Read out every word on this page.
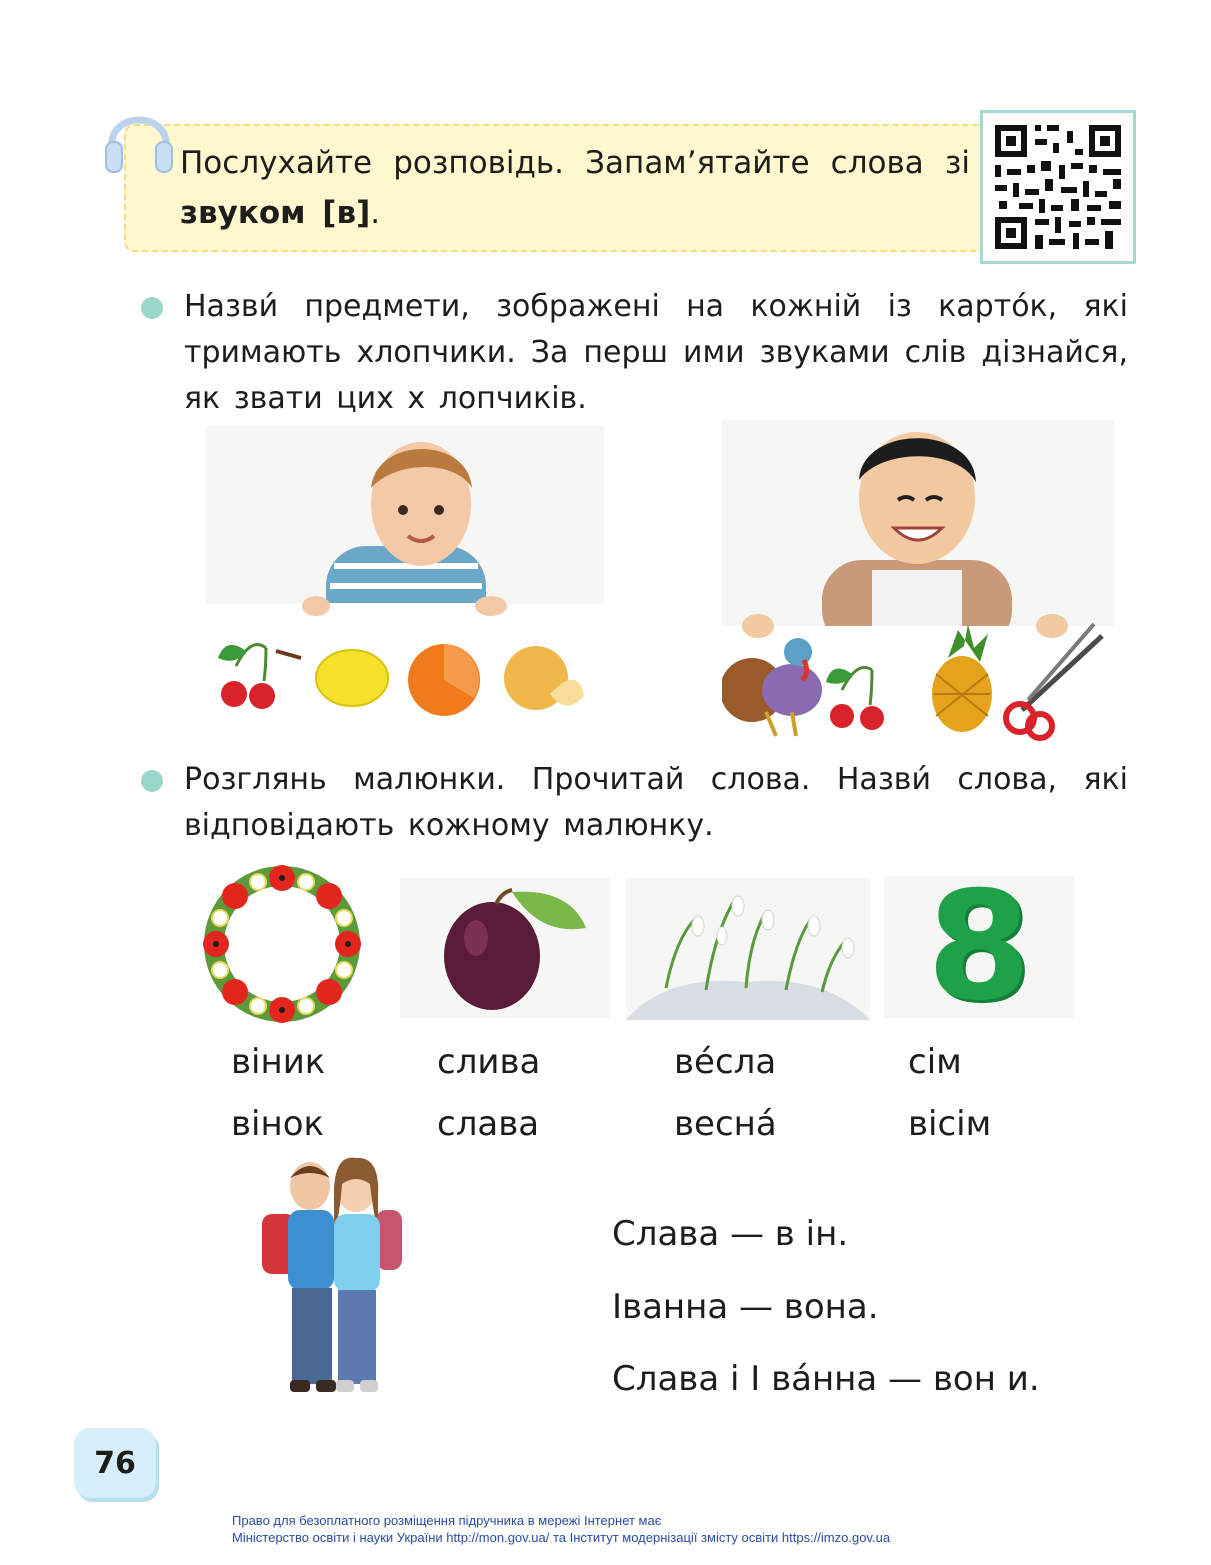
Послухайте розповідь. Запам’ятайте слова зі звуком [в].
Назви́ предмети, зображені на кожній із карто́к, які тримають хлопчики. За перш ими звуками слів дізнайся, як звати цих х лопчиків.
Розглянь малюнки. Прочитай слова. Назви́ слова, які відповідають кожному малюнку.
8
віник
вінок
слива
слава
ве́сла
весна́
сім
вісім
Слава — в ін.
Іванна — вона.
Слава і І ва́нна — вон и.
76
Право для безоплатного розміщення підручника в мережі Інтернет має
Міністерство освіти і науки України http://mon.gov.ua/ та Інститут модернізації змісту освіти https://imzo.gov.ua
